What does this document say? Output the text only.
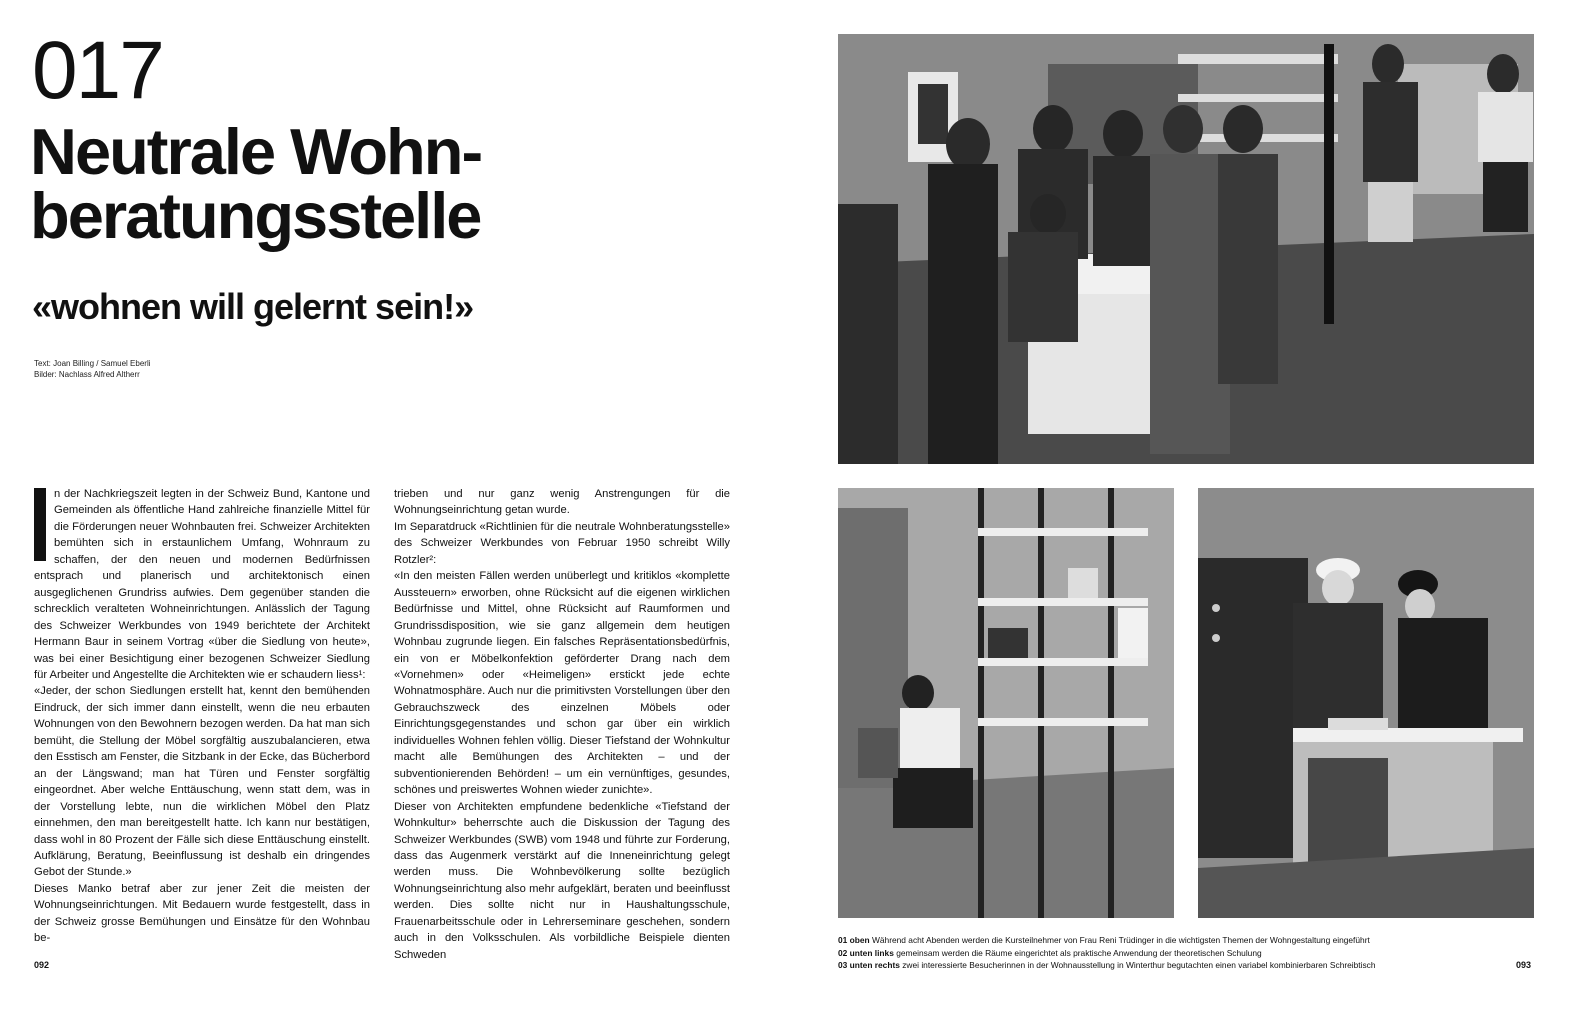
017
Neutrale Wohn-
beratungsstelle
«wohnen will gelernt sein!»
Text: Joan Billing / Samuel Eberli
Bilder: Nachlass Alfred Altherr

n der Nachkriegszeit legten in der Schweiz Bund, Kantone und Gemeinden als öffentliche Hand zahlreiche finanzielle Mittel für die Förderungen neuer Wohnbauten frei. Schweizer Architekten bemühten sich in erstaunlichem Umfang, Wohnraum zu schaffen, der den neuen und modernen Bedürfnissen entsprach und planerisch und architektonisch einen ausgeglichenen Grundriss aufwies. Dem gegenüber standen die schrecklich veralteten Wohneinrichtungen. Anlässlich der Tagung des Schweizer Werkbundes von 1949 berichtete der Architekt Hermann Baur in seinem Vortrag «über die Siedlung von heute», was bei einer Besichtigung einer bezogenen Schweizer Siedlung für Arbeiter und Angestellte die Architekten wie er schaudern liess¹:

«Jeder, der schon Siedlungen erstellt hat, kennt den bemühenden Eindruck, der sich immer dann einstellt, wenn die neu erbauten Wohnungen von den Bewohnern bezogen werden. Da hat man sich bemüht, die Stellung der Möbel sorgfältig auszubalancieren, etwa den Esstisch am Fenster, die Sitzbank in der Ecke, das Bücherbord an der Längswand; man hat Türen und Fenster sorgfältig eingeordnet. Aber welche Enttäuschung, wenn statt dem, was in der Vorstellung lebte, nun die wirklichen Möbel den Platz einnehmen, den man bereitgestellt hatte. Ich kann nur bestätigen, dass wohl in 80 Prozent der Fälle sich diese Enttäuschung einstellt. Aufklärung, Beratung, Beeinflussung ist deshalb ein dringendes Gebot der Stunde.»

Dieses Manko betraf aber zur jener Zeit die meisten der Wohnungseinrichtungen. Mit Bedauern wurde festgestellt, dass in der Schweiz grosse Bemühungen und Einsätze für den Wohnbau be-

trieben und nur ganz wenig Anstrengungen für die Wohnungseinrichtung getan wurde.

Im Separatdruck «Richtlinien für die neutrale Wohnberatungsstelle» des Schweizer Werkbundes von Februar 1950 schreibt Willy Rotzler²:

«In den meisten Fällen werden unüberlegt und kritiklos «komplette Aussteuern» erworben, ohne Rücksicht auf die eigenen wirklichen Bedürfnisse und Mittel, ohne Rücksicht auf Raumformen und Grundrissdisposition, wie sie ganz allgemein dem heutigen Wohnbau zugrunde liegen. Ein falsches Repräsentationsbedürfnis, ein von er Möbelkonfektion geförderter Drang nach dem «Vornehmen» oder «Heimeligen» erstickt jede echte Wohnatmosphäre. Auch nur die primitivsten Vorstellungen über den Gebrauchszweck des einzelnen Möbels oder Einrichtungsgegenstandes und schon gar über ein wirklich individuelles Wohnen fehlen völlig. Dieser Tiefstand der Wohnkultur macht alle Bemühungen des Architekten – und der subventionierenden Behörden! – um ein vernünftiges, gesundes, schönes und preiswertes Wohnen wieder zunichte».

Dieser von Architekten empfundene bedenkliche «Tiefstand der Wohnkultur» beherrschte auch die Diskussion der Tagung des Schweizer Werkbundes (SWB) vom 1948 und führte zur Forderung, dass das Augenmerk verstärkt auf die Inneneinrichtung gelegt werden muss. Die Wohnbevölkerung sollte bezüglich Wohnungseinrichtung also mehr aufgeklärt, beraten und beeinflusst werden. Dies sollte nicht nur in Haushaltungsschule, Frauenarbeitsschule oder in Lehrerseminare geschehen, sondern auch in den Volksschulen. Als vorbildliche Beispiele dienten Schweden

092	093
01 oben Während acht Abenden werden die Kursteilnehmer von Frau Reni Trüdinger in die wichtigsten Themen der Wohngestaltung eingeführt
02 unten links gemeinsam werden die Räume eingerichtet als praktische Anwendung der theoretischen Schulung
03 unten rechts zwei interessierte Besucherinnen in der Wohnausstellung in Winterthur begutachten einen variabel kombinierbaren Schreibtisch
